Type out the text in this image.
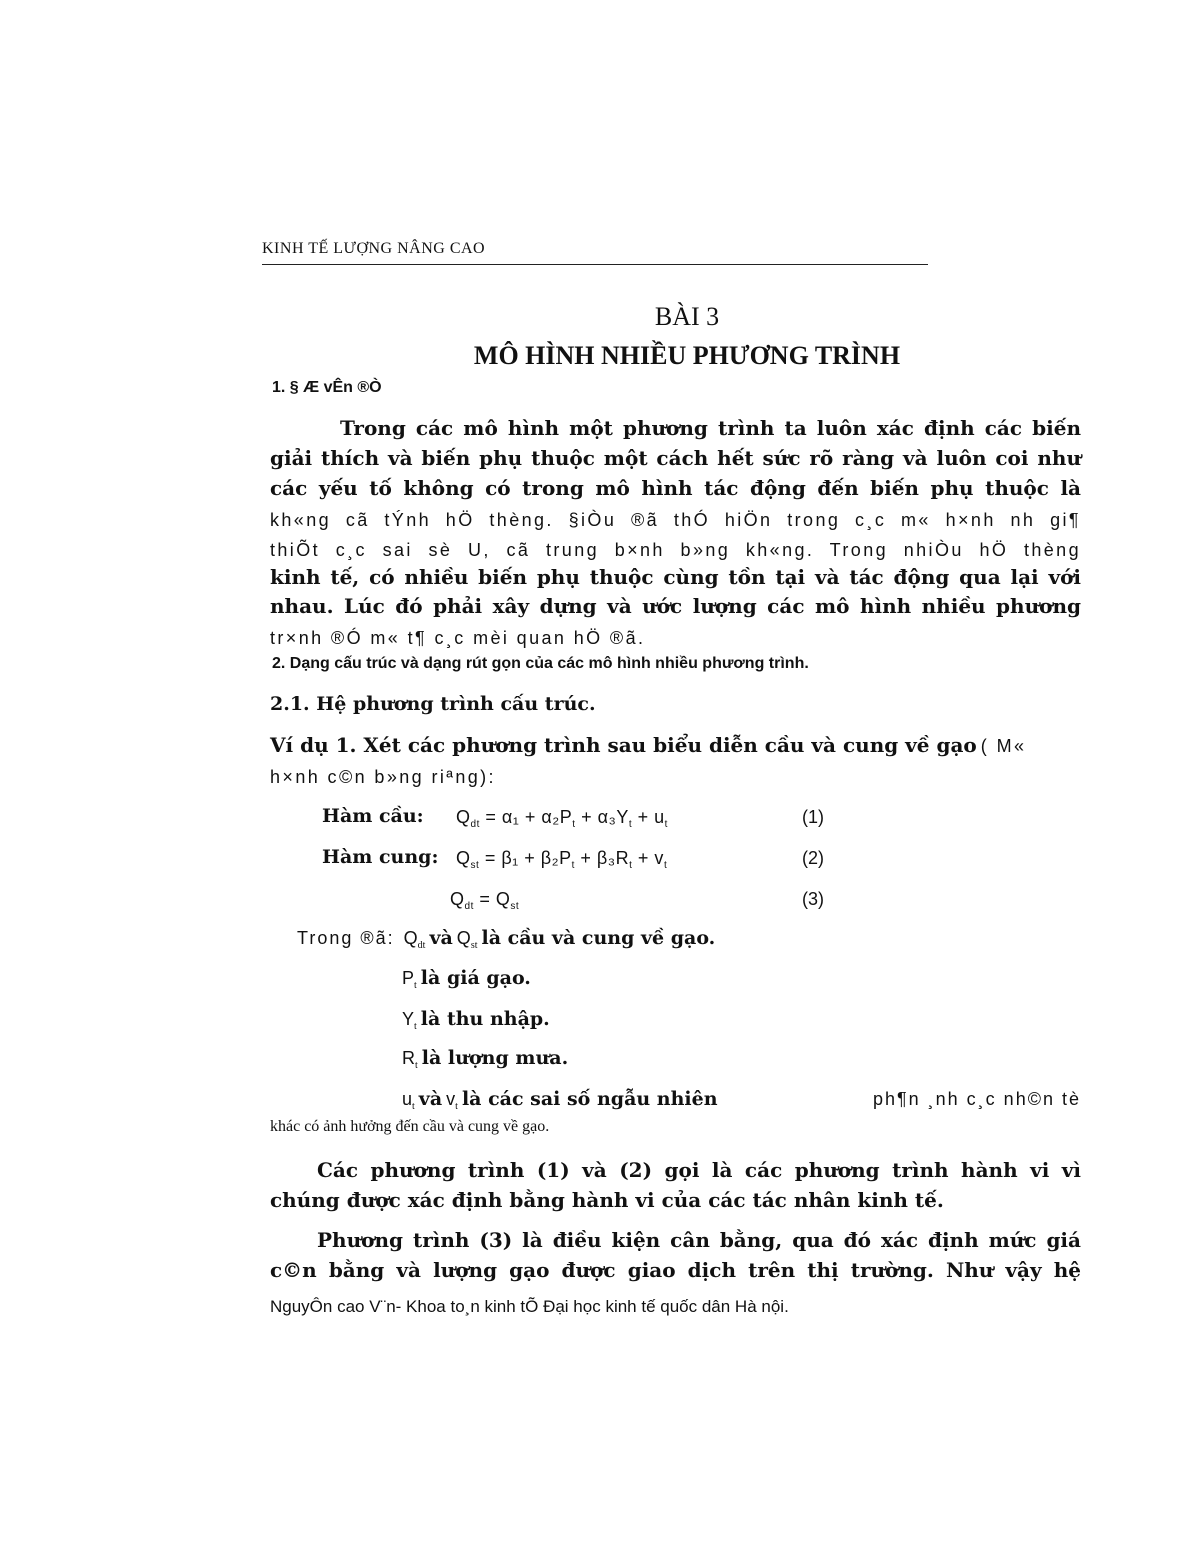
KINH TẾ LƯỢNG NÂNG CAO
BÀI 3
MÔ HÌNH NHIỀU PHƯƠNG TRÌNH
1. § Æ vÊn ®Ò
Trong các mô hình một phương trình ta luôn xác định các biến
giải thích và biến phụ thuộc một cách hết sức rõ ràng và luôn coi như
các yếu tố không có trong mô hình tác động đến biến phụ thuộc là
kh«ng cã tÝnh hÖ thèng. §iÒu ®ã thÓ hiÖn trong c¸c m« h×nh nh gi¶
thiÕt c¸c sai sè U, cã trung b×nh b»ng kh«ng. Trong nhiÒu hÖ thèng
kinh tế, có nhiều biến phụ thuộc cùng tồn tại và tác động qua lại với
nhau. Lúc đó phải xây dựng và ước lượng các mô hình nhiều phương
tr×nh ®Ó m« t¶ c¸c mèi quan hÖ ®ã.
2. Dạng cấu trúc và dạng rút gọn của các mô hình nhiều phương trình.
2.1. Hệ phương trình cấu trúc.
Ví dụ 1. Xét các phương trình sau biểu diễn cầu và cung về gạo ( M«
h×nh c©n b»ng riªng):
Hàm cầu: $Q_{dt} = \alpha_1 + \alpha_2P_t + \alpha_3Y_t + u_t$	(1)
Hàm cung: $Q_{st} = \beta_1 + \beta_2P_t + \beta_3R_t + v_t$	(2)
$Q_{dt} = Q_{st}$	(3)
Trong ®ã:  $Q_{dt}$ và $Q_{st}$ là cầu và cung về gạo.
$P_t$ là giá gạo.
$Y_t$ là thu nhập.
$R_t$ là lượng mưa.
$u_t$ và $v_t$ là các sai số ngẫu nhiên	ph¶n ¸nh c¸c nh©n tè
khác có ảnh hưởng đến cầu và cung về gạo.
Các phương trình (1) và (2) gọi là các phương trình hành vi vì
chúng được xác định bằng hành vi của các tác nhân kinh tế.
Phương trình (3) là điều kiện cân bằng, qua đó xác định mức giá
c©n bằng và lượng gạo được giao dịch trên thị trường. Như vậy hệ
NguyÔn cao V¨n- Khoa to¸n kinh tÕ Đại học kinh tế quốc dân Hà nội.
